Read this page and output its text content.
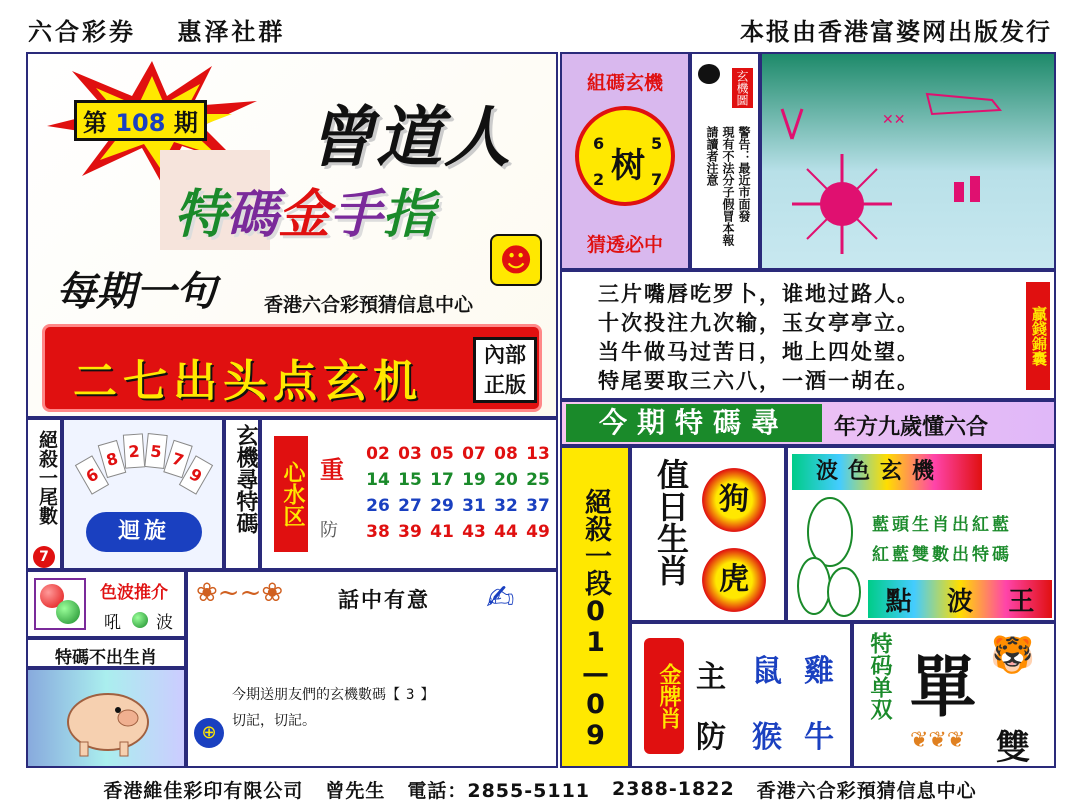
六合彩券 惠泽社群	本报由香港富婆网出版发行
第 108 期 曾道人
特碼金手指
☻
每期一句	香港六合彩預猜信息中心
二七出头点玄机
內部
正版
組碼玄機
6	5
2	7
树
猜透必中
玄機圖
警告：最近市面發
現有不法分子假冒本報
請讀者注意
✕✕
三片嘴唇吃罗卜，谁地过路人。
十次投注九次输，玉女亭亭立。
当牛做马过苦日，地上四处望。
特尾要取三六八，一酒一胡在。
贏錢錦囊
絕殺一尾數
7
6
8 2 5 7
9
迴旋	玄機尋特碼 心水区 重
防
02 03 05 07 08 13
14 15 17 19 20 25
26 27 29 31 32 37
38 39 41 43 44 49
色波推介
吼 波
特碼不出生肖
❀~~❀	話中有意 ✍
今期送朋友們的玄機數碼【 3 】
切記，切記。
⊕
今期特碼尋	年方九歲懂六合
絕殺一段01—09 值日生肖 狗
虎
波色玄機
藍頭生肖出紅藍
紅藍雙數出特碼
點 波 王
金牌肖 主
防
鼠 雞
猴 牛
特码单双 單 🐯
❦❦❦ 雙
香港維佳彩印有限公司 曾先生 電話：2855-5111 2388-1822 香港六合彩預猜信息中心
